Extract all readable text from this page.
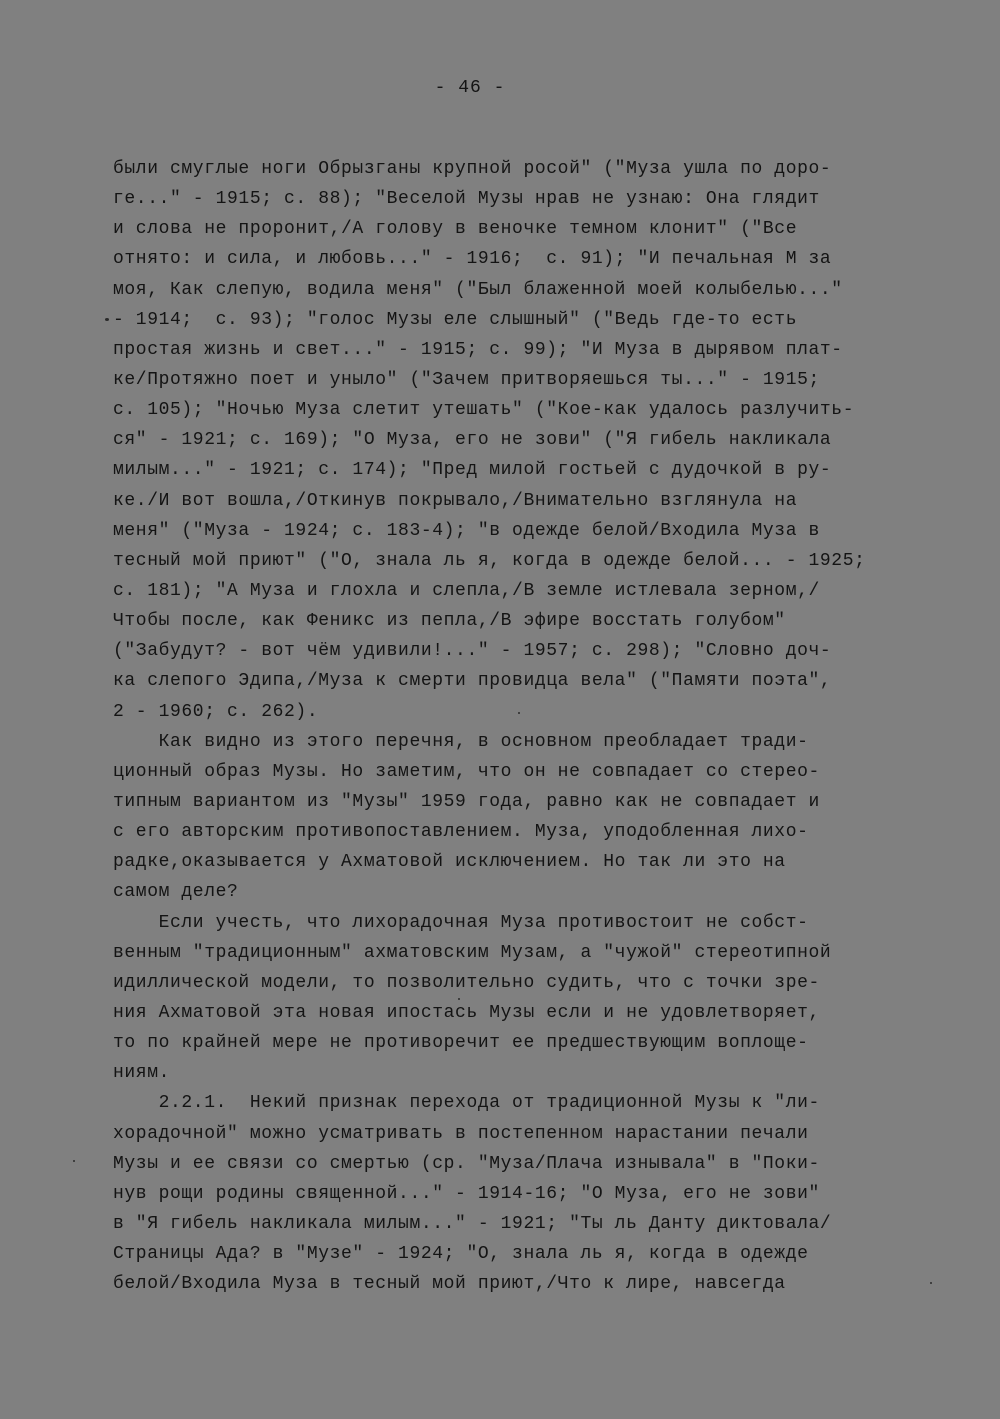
- 46 -
были смуглые ноги Обрызганы крупной росой" ("Муза ушла по доро-
ге..." - 1915; с. 88); "Веселой Музы нрав не узнаю: Она глядит
и слова не проронит,/А голову в веночке темном клонит" ("Все
отнято: и сила, и любовь..." - 1916;  с. 91); "И печальная М за
моя, Как слепую, водила меня" ("Был блаженной моей колыбелью..."
- 1914;  с. 93); "голос Музы еле слышный" ("Ведь где-то есть
простая жизнь и свет..." - 1915; с. 99); "И Муза в дырявом плат-
ке/Протяжно поет и уныло" ("Зачем притворяешься ты..." - 1915;
с. 105); "Ночью Муза слетит утешать" ("Кое-как удалось разлучить-
ся" - 1921; с. 169); "О Муза, его не зови" ("Я гибель накликала
милым..." - 1921; с. 174); "Пред милой гостьей с дудочкой в ру-
ке./И вот вошла,/Откинув покрывало,/Внимательно взглянула на
меня" ("Муза - 1924; с. 183-4); "в одежде белой/Входила Муза в
тесный мой приют" ("О, знала ль я, когда в одежде белой... - 1925;
с. 181); "А Муза и глохла и слепла,/В земле истлевала зерном,/
Чтобы после, как Феникс из пепла,/В эфире восстать голубом"
("Забудут? - вот чём удивили!..." - 1957; с. 298); "Словно доч-
ка слепого Эдипа,/Муза к смерти провидца вела" ("Памяти поэта",
2 - 1960; с. 262).
Как видно из этого перечня, в основном преобладает тради-
ционный образ Музы. Но заметим, что он не совпадает со стерео-
типным вариантом из "Музы" 1959 года, равно как не совпадает и
с его авторским противопоставлением. Муза, уподобленная лихо-
радке,оказывается у Ахматовой исключением. Но так ли это на
самом деле?
Если учесть, что лихорадочная Муза противостоит не собст-
венным "традиционным" ахматовским Музам, а "чужой" стереотипной
идиллической модели, то позволительно судить, что с точки зре-
ния Ахматовой эта новая ипостась Музы если и не удовлетворяет,
то по крайней мере не противоречит ее предшествующим воплоще-
ниям.
2.2.1.  Некий признак перехода от традиционной Музы к "ли-
хорадочной" можно усматривать в постепенном нарастании печали
Музы и ее связи со смертью (ср. "Муза/Плача изнывала" в "Поки-
нув рощи родины священной..." - 1914-16; "О Муза, его не зови"
в "Я гибель накликала милым..." - 1921; "Ты ль Данту диктовала/
Страницы Ада? в "Музе" - 1924; "О, знала ль я, когда в одежде
белой/Входила Муза в тесный мой приют,/Что к лире, навсегда
